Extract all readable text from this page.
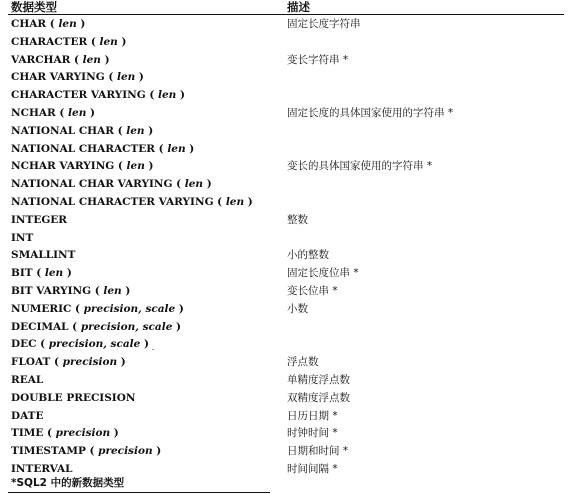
数据类型	描述
CHAR ( len )	固定长度字符串
CHARACTER ( len )
VARCHAR ( len )	变长字符串 *
CHAR VARYING ( len )
CHARACTER VARYING ( len )
NCHAR ( len )	固定长度的具体国家使用的字符串 *
NATIONAL CHAR ( len )
NATIONAL CHARACTER ( len )
NCHAR VARYING ( len )	变长的具体国家使用的字符串 *
NATIONAL CHAR VARYING ( len )
NATIONAL CHARACTER VARYING ( len )
INTEGER	整数
INT
SMALLINT	小的整数
BIT ( len )	固定长度位串 *
BIT VARYING ( len )	变长位串 *
NUMERIC ( precision, scale )	小数
DECIMAL ( precision, scale )
DEC ( precision, scale )
FLOAT ( precision )	浮点数
REAL	单精度浮点数
DOUBLE PRECISION	双精度浮点数
DATE	日历日期 *
TIME ( precision )	时钟时间 *
TIMESTAMP ( precision )	日期和时间 *
INTERVAL	时间间隔 *
*SQL2 中的新数据类型
